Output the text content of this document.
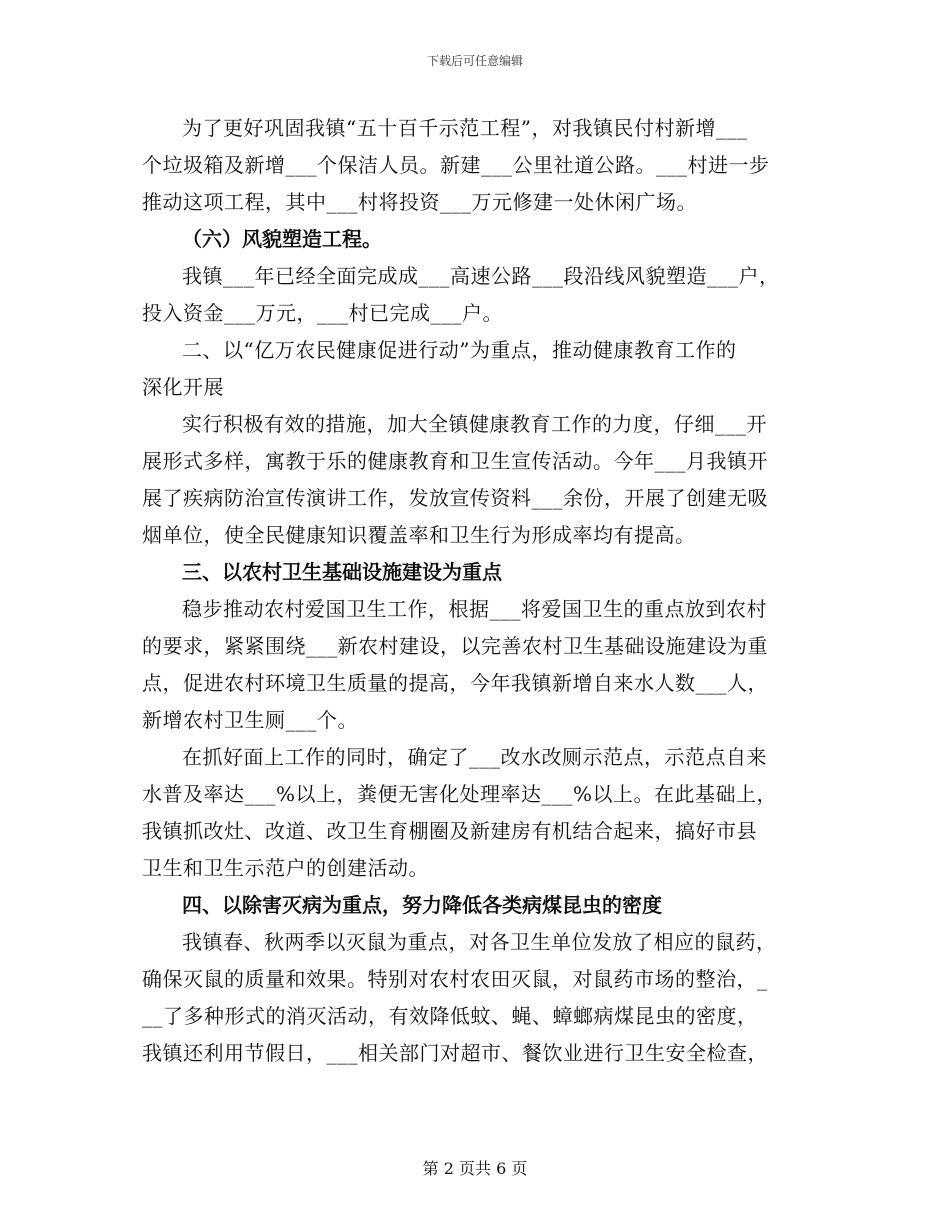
下载后可任意编辑

为了更好巩固我镇“五十百千示范工程”，对我镇民付村新增___
个垃圾箱及新增___个保洁人员。新建___公里社道公路。___村进一步
推动这项工程，其中___村将投资___万元修建一处休闲广场。

（六）风貌塑造工程。

我镇___年已经全面完成成___高速公路___段沿线风貌塑造___户，
投入资金___万元，___村已完成___户。

二、以“亿万农民健康促进行动”为重点，推动健康教育工作的
深化开展

实行积极有效的措施，加大全镇健康教育工作的力度，仔细___开
展形式多样，寓教于乐的健康教育和卫生宣传活动。今年___月我镇开
展了疾病防治宣传演讲工作，发放宣传资料___余份，开展了创建无吸
烟单位，使全民健康知识覆盖率和卫生行为形成率均有提高。

三、以农村卫生基础设施建设为重点

稳步推动农村爱国卫生工作，根据___将爱国卫生的重点放到农村
的要求，紧紧围绕___新农村建设，以完善农村卫生基础设施建设为重
点，促进农村环境卫生质量的提高，今年我镇新增自来水人数___人，
新增农村卫生厕___个。

在抓好面上工作的同时，确定了___改水改厕示范点，示范点自来
水普及率达___%以上，粪便无害化处理率达___%以上。在此基础上，
我镇抓改灶、改道、改卫生育棚圈及新建房有机结合起来，搞好市县
卫生和卫生示范户的创建活动。

四、以除害灭病为重点，努力降低各类病煤昆虫的密度

我镇春、秋两季以灭鼠为重点，对各卫生单位发放了相应的鼠药，
确保灭鼠的质量和效果。特别对农村农田灭鼠，对鼠药市场的整治，_
__了多种形式的消灭活动，有效降低蚊、蝇、蟑螂病煤昆虫的密度，
我镇还利用节假日，___相关部门对超市、餐饮业进行卫生安全检查，

第 2 页共 6 页
